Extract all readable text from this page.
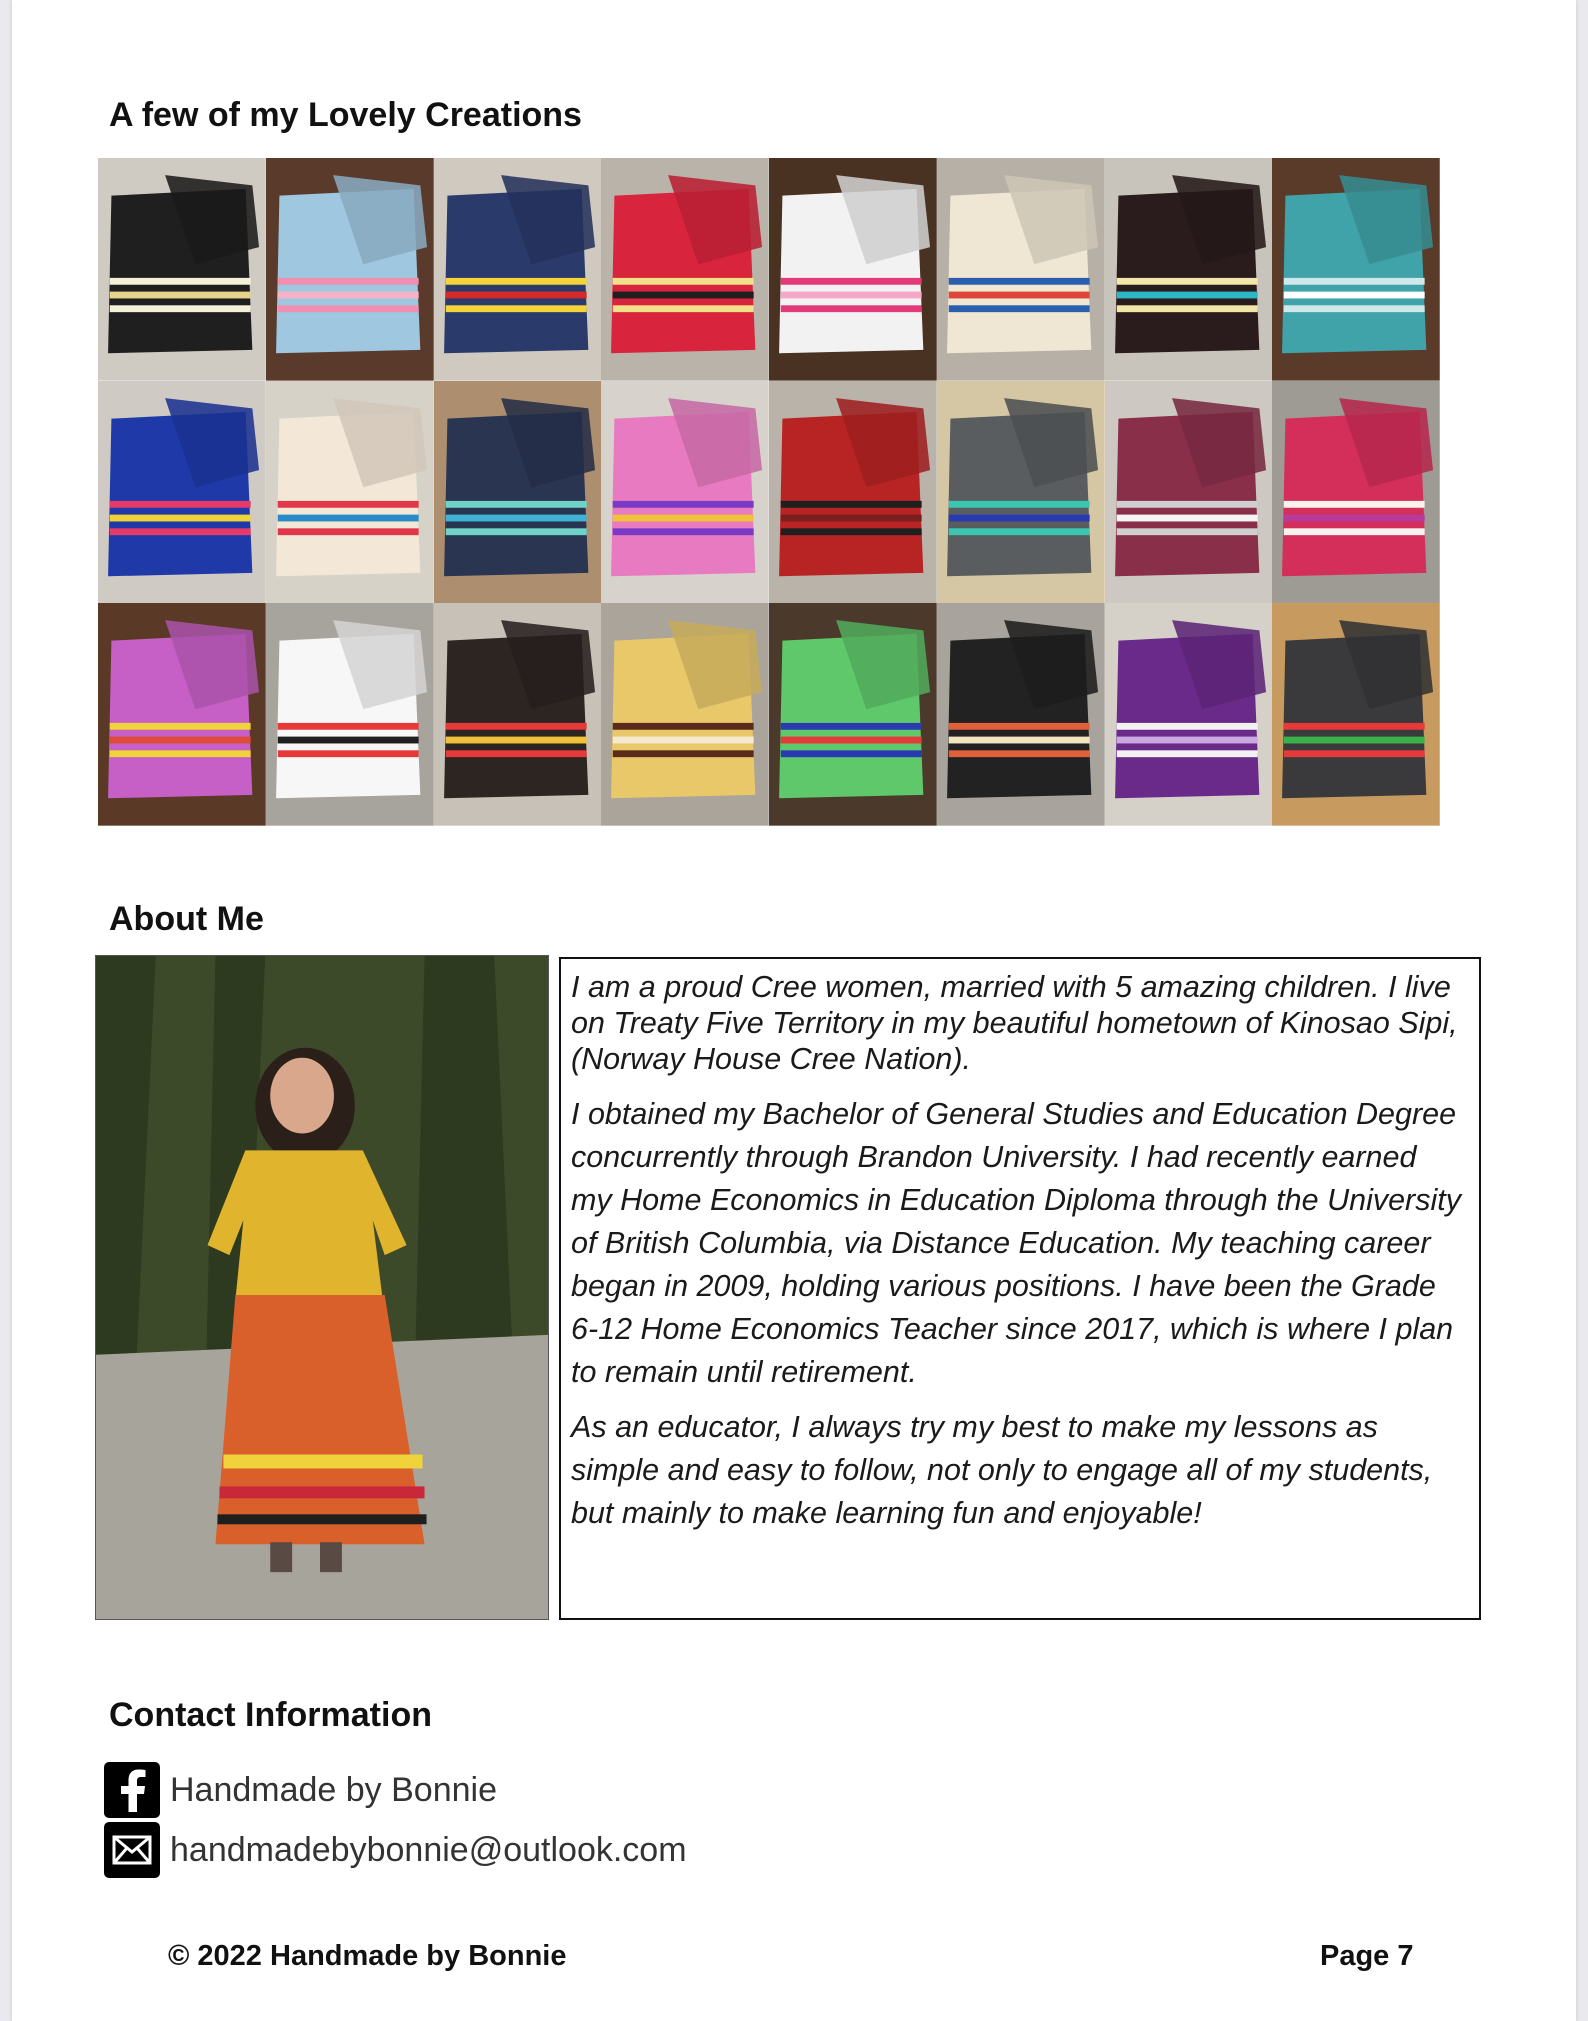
A few of my Lovely Creations
About Me

I am a proud Cree women, married with 5 amazing children. I live on Treaty Five Territory in my beautiful hometown of Kinosao Sipi, (Norway House Cree Nation).

I obtained my Bachelor of General Studies and Education Degree concurrently through Brandon University. I had recently earned my Home Economics in Education Diploma through the University of British Columbia, via Distance Education. My teaching career began in 2009, holding various positions. I have been the Grade 6-12 Home Economics Teacher since 2017, which is where I plan to remain until retirement.

As an educator, I always try my best to make my lessons as simple and easy to follow, not only to engage all of my students, but mainly to make learning fun and enjoyable!

Contact Information
Handmade by Bonnie
handmadebybonnie@outlook.com
© 2022 Handmade by Bonnie	Page 7
